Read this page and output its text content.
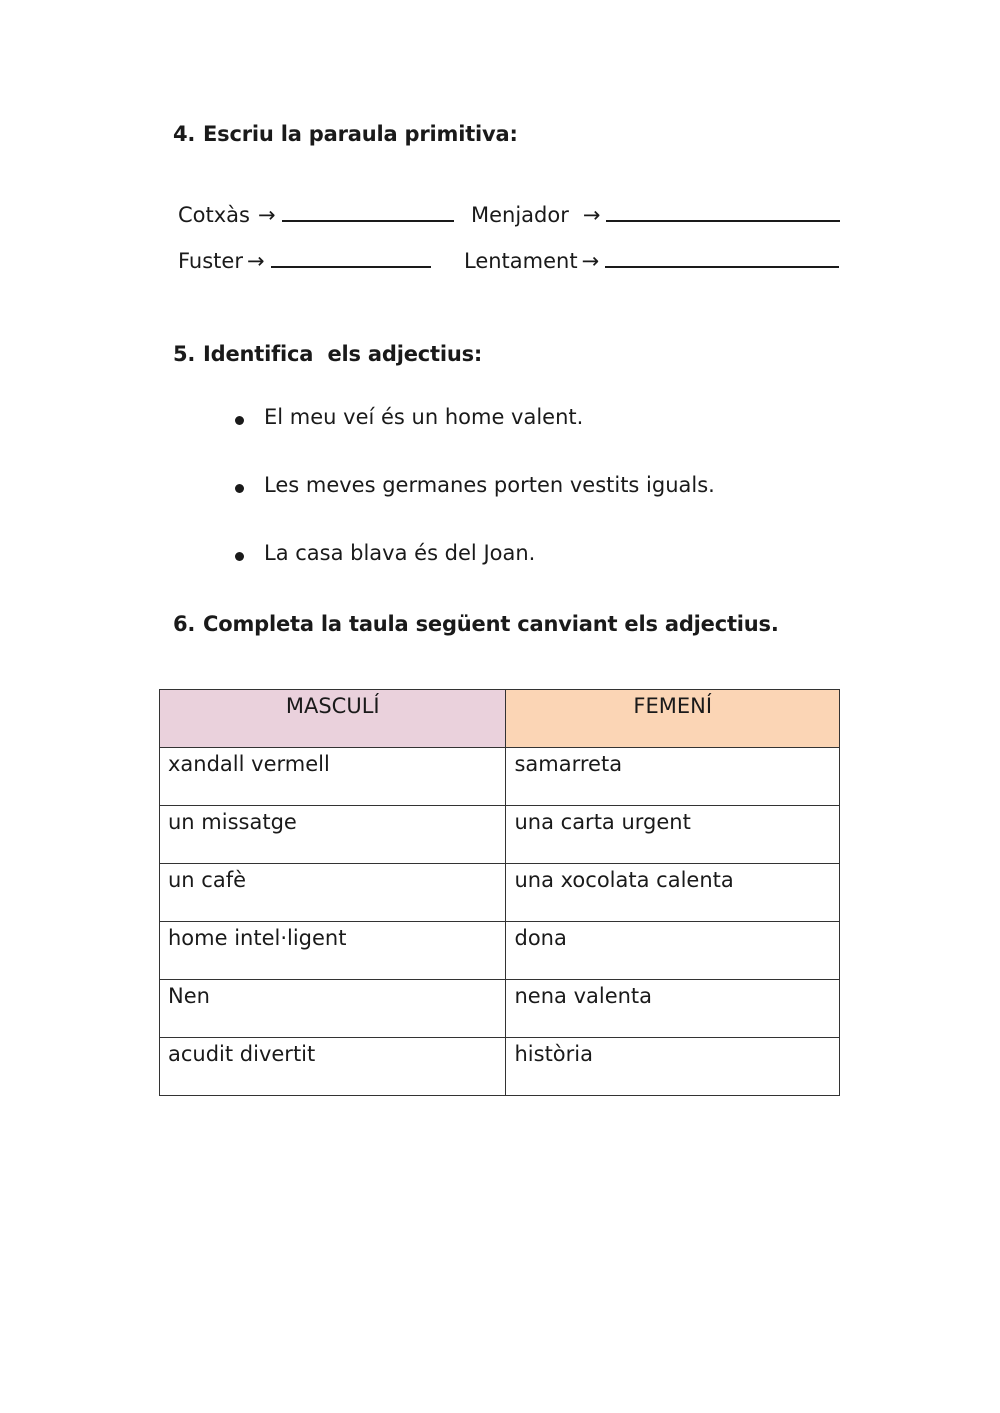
4. Escriu la paraula primitiva:
Cotxàs →	Menjador →
Fuster →	Lentament →
5. Identifica  els adjectius:
El meu veí és un home valent.
Les meves germanes porten vestits iguals.
La casa blava és del Joan.
6. Completa la taula següent canviant els adjectius.
MASCULÍ	FEMENÍ
xandall vermell	samarreta
un missatge	una carta urgent
un cafè	una xocolata calenta
home intel·ligent	dona
Nen	nena valenta
acudit divertit	història
